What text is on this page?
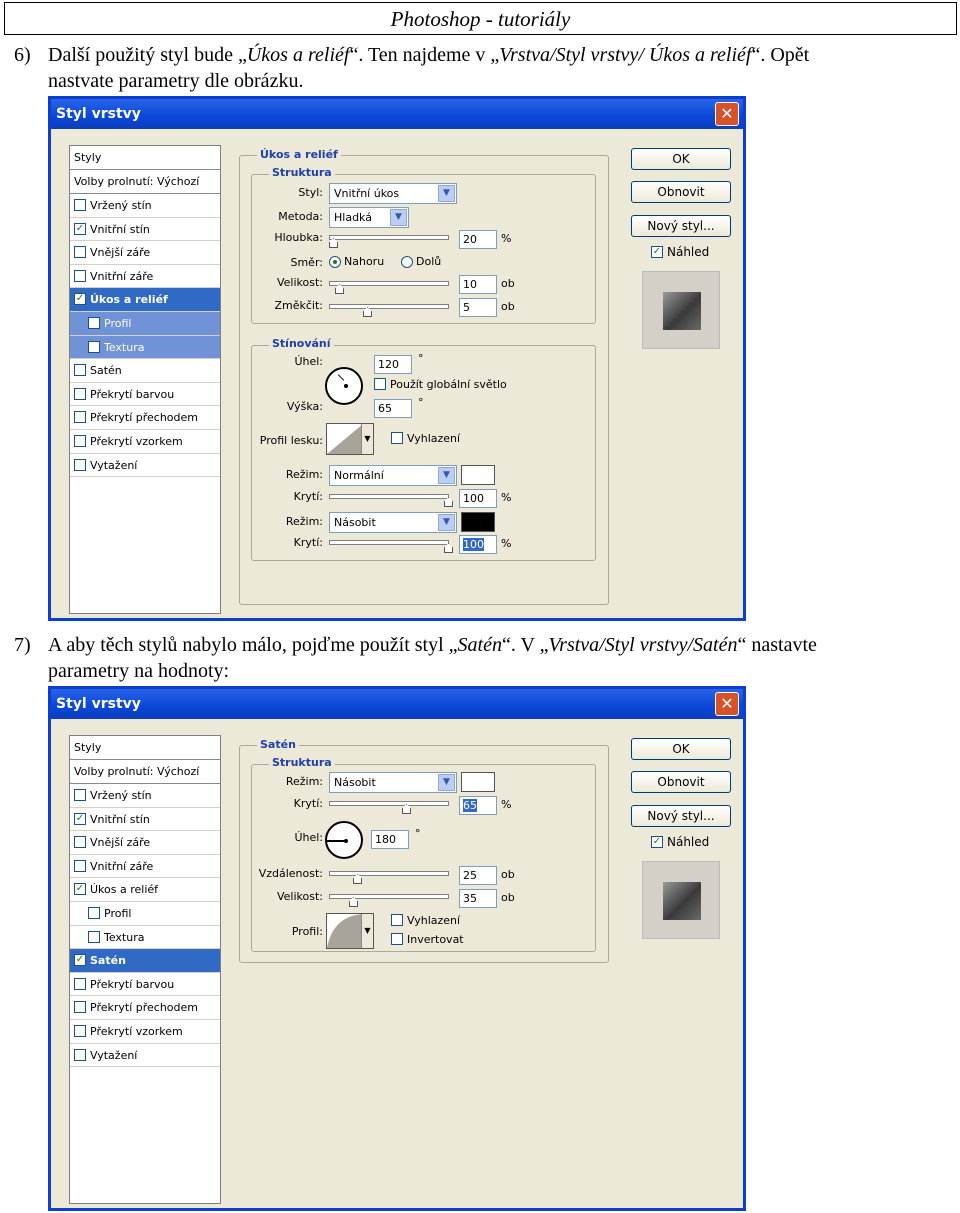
Photoshop - tutoriály
6) Další použitý styl bude „Úkos a reliéf“. Ten najdeme v „Vrstva/Styl vrstvy/ Úkos a reliéf“. Opět
nastvate parametry dle obrázku.
Styl vrstvy	✕
Styly
Volby prolnutí: Výchozí
Vržený stín
✓ Vnitřní stín
Vnější záře
Vnitřní záře
✓ Úkos a reliéf
Profil
Textura
Satén
Překrytí barvou
Překrytí přechodem
Překrytí vzorkem
Vytažení
Úkos a reliéf
Struktura
Styl:	Vnitřní úkos	▼
Metoda:	Hladká	▼
Hloubka:	20	%
Směr:	Nahoru	Dolů
Velikost:	10	ob
Změkčit:	5	ob
Stínování
Úhel:	120	°
Použít globální světlo
Výška:	65	°
Profil lesku:	▼	Vyhlazení
Režim:	Normální	▼
Krytí:	100	%
Režim:	Násobit	▼
Krytí:	100	%
OK
Obnovit
Nový styl...
✓ Náhled
7) A aby těch stylů nabylo málo, pojďme použít styl „Satén“. V „Vrstva/Styl vrstvy/Satén“ nastavte
parametry na hodnoty:
Styl vrstvy	✕
Styly
Volby prolnutí: Výchozí
Vržený stín
✓ Vnitřní stín
Vnější záře
Vnitřní záře
✓ Úkos a reliéf
Profil
Textura
✓ Satén
Překrytí barvou
Překrytí přechodem
Překrytí vzorkem
Vytažení
Satén
Struktura
Režim:	Násobit	▼
Krytí:	65	%
Úhel:	180	°
Vzdálenost:	25	ob
Velikost:	35	ob
Profil:	▼
Vyhlazení
Invertovat
OK
Obnovit
Nový styl...
✓ Náhled
